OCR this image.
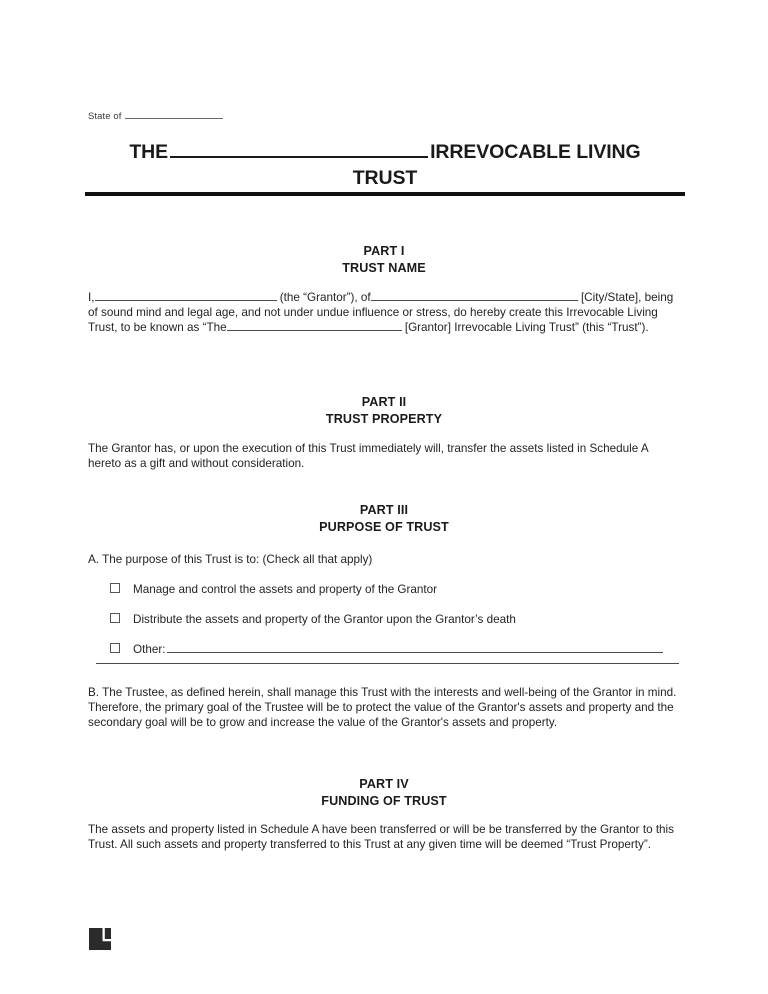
State of
THE	IRREVOCABLE LIVING
TRUST
PART I
TRUST NAME
I,	(the “Grantor”), of	[City/State], being of sound mind and legal age, and not under undue influence or stress, do hereby create this Irrevocable Living Trust, to be known as “The	[Grantor] Irrevocable Living Trust” (this “Trust”).
PART II
TRUST PROPERTY
The Grantor has, or upon the execution of this Trust immediately will, transfer the assets listed in Schedule A hereto as a gift and without consideration.
PART III
PURPOSE OF TRUST
A. The purpose of this Trust is to: (Check all that apply)
Manage and control the assets and property of the Grantor
Distribute the assets and property of the Grantor upon the Grantor’s death
Other:
B. The Trustee, as defined herein, shall manage this Trust with the interests and well-being of the Grantor in mind. Therefore, the primary goal of the Trustee will be to protect the value of the Grantor's assets and property and the secondary goal will be to grow and increase the value of the Grantor's assets and property.
PART IV
FUNDING OF TRUST
The assets and property listed in Schedule A have been transferred or will be be transferred by the Grantor to this Trust. All such assets and property transferred to this Trust at any given time will be deemed “Trust Property”.
